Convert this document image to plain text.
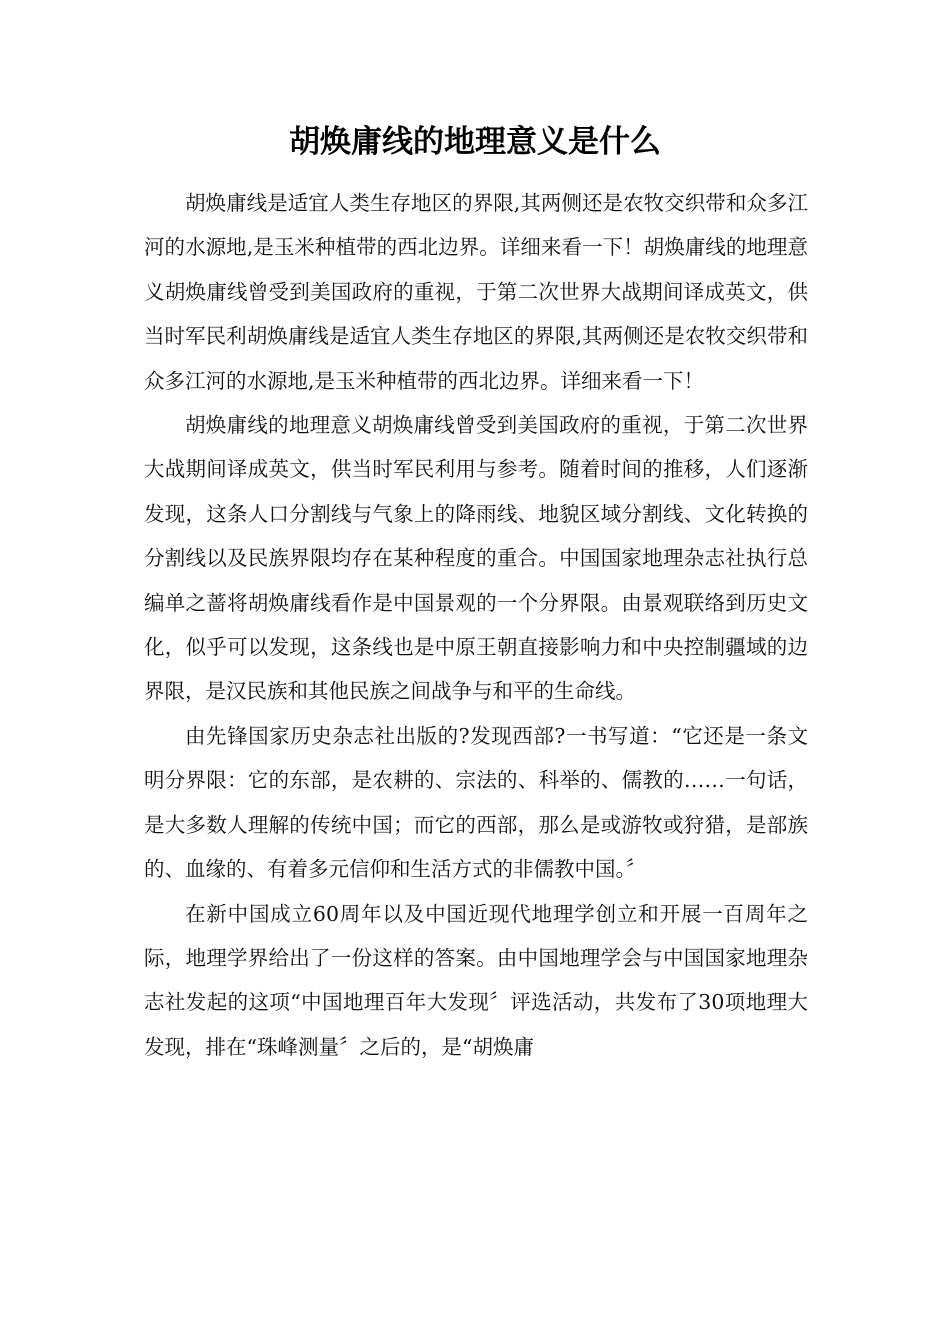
胡焕庸线的地理意义是什么

胡焕庸线是适宜人类生存地区的界限,其两侧还是农牧交织带和众多江河的水源地,是玉米种植带的西北边界。详细来看一下！胡焕庸线的地理意义胡焕庸线曾受到美国政府的重视，于第二次世界大战期间译成英文，供当时军民利胡焕庸线是适宜人类生存地区的界限,其两侧还是农牧交织带和众多江河的水源地,是玉米种植带的西北边界。详细来看一下！

胡焕庸线的地理意义胡焕庸线曾受到美国政府的重视，于第二次世界大战期间译成英文，供当时军民利用与参考。随着时间的推移，人们逐渐发现，这条人口分割线与气象上的降雨线、地貌区域分割线、文化转换的分割线以及民族界限均存在某种程度的重合。中国国家地理杂志社执行总编单之蔷将胡焕庸线看作是中国景观的一个分界限。由景观联络到历史文化，似乎可以发现，这条线也是中原王朝直接影响力和中央控制疆域的边界限，是汉民族和其他民族之间战争与和平的生命线。

由先锋国家历史杂志社出版的?发现西部?一书写道：“它还是一条文明分界限：它的东部，是农耕的、宗法的、科举的、儒教的……一句话，是大多数人理解的传统中国；而它的西部，那么是或游牧或狩猎，是部族的、血缘的、有着多元信仰和生活方式的非儒教中国。〞

在新中国成立60周年以及中国近现代地理学创立和开展一百周年之际，地理学界给出了一份这样的答案。由中国地理学会与中国国家地理杂志社发起的这项“中国地理百年大发现〞评选活动，共发布了30项地理大发现，排在“珠峰测量〞之后的，是“胡焕庸
